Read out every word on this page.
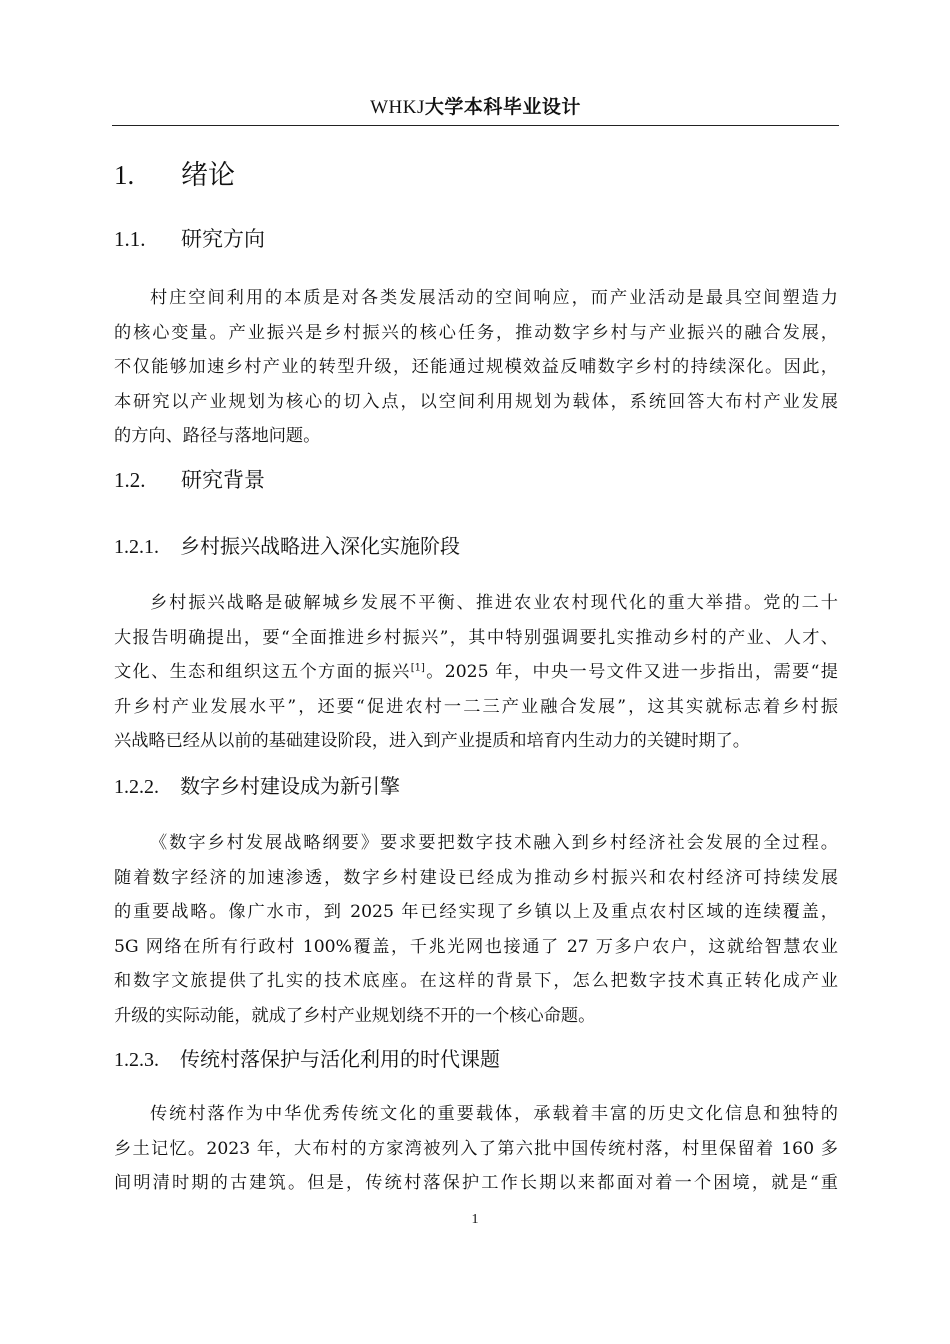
WHKJ大学本科毕业设计
1. 绪论
1.1. 研究方向
村庄空间利用的本质是对各类发展活动的空间响应，而产业活动是最具空间塑造力
的核心变量。产业振兴是乡村振兴的核心任务，推动数字乡村与产业振兴的融合发展，
不仅能够加速乡村产业的转型升级，还能通过规模效益反哺数字乡村的持续深化。因此，
本研究以产业规划为核心的切入点，以空间利用规划为载体，系统回答大布村产业发展
的方向、路径与落地问题。
1.2. 研究背景
1.2.1. 乡村振兴战略进入深化实施阶段
乡村振兴战略是破解城乡发展不平衡、推进农业农村现代化的重大举措。党的二十
大报告明确提出，要“全面推进乡村振兴”，其中特别强调要扎实推动乡村的产业、人才、
文化、生态和组织这五个方面的振兴[1]。2025 年，中央一号文件又进一步指出，需要“提
升乡村产业发展水平”，还要“促进农村一二三产业融合发展”，这其实就标志着乡村振
兴战略已经从以前的基础建设阶段，进入到产业提质和培育内生动力的关键时期了。
1.2.2. 数字乡村建设成为新引擎
《数字乡村发展战略纲要》要求要把数字技术融入到乡村经济社会发展的全过程。
随着数字经济的加速渗透，数字乡村建设已经成为推动乡村振兴和农村经济可持续发展
的重要战略。像广水市，到 2025 年已经实现了乡镇以上及重点农村区域的连续覆盖，
5G 网络在所有行政村 100%覆盖，千兆光网也接通了 27 万多户农户，这就给智慧农业
和数字文旅提供了扎实的技术底座。在这样的背景下，怎么把数字技术真正转化成产业
升级的实际动能，就成了乡村产业规划绕不开的一个核心命题。
1.2.3. 传统村落保护与活化利用的时代课题
传统村落作为中华优秀传统文化的重要载体，承载着丰富的历史文化信息和独特的
乡土记忆。2023 年，大布村的方家湾被列入了第六批中国传统村落，村里保留着 160 多
间明清时期的古建筑。但是，传统村落保护工作长期以来都面对着一个困境，就是“重
1
